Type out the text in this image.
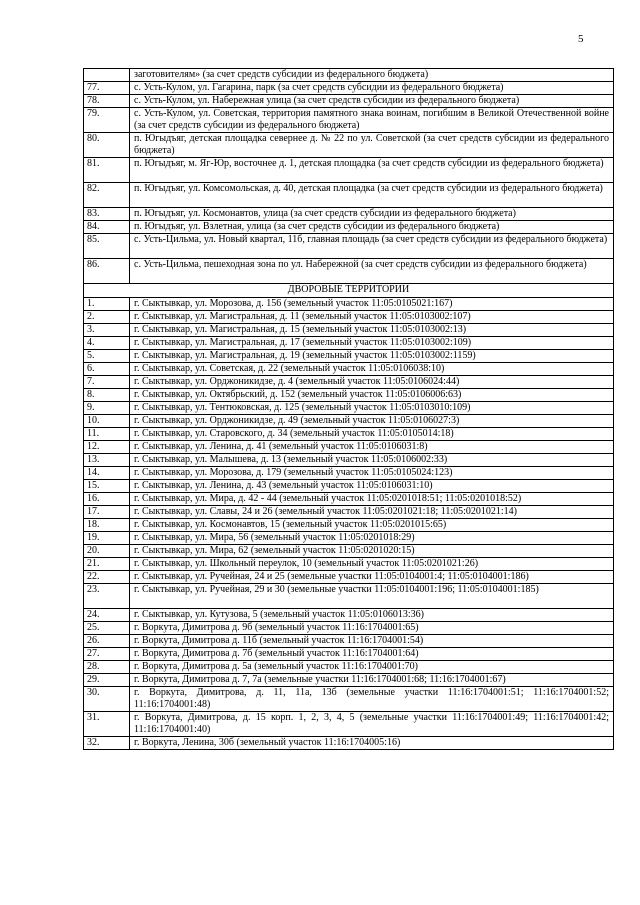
5
	заготовителям» (за счет средств субсидии из федерального бюджета)
77.	с. Усть-Кулом, ул. Гагарина, парк (за счет средств субсидии из федерального бюджета)
78.	с. Усть-Кулом, ул. Набережная улица (за счет средств субсидии из федерального бюджета)
79.	с. Усть-Кулом, ул. Советская, территория памятного знака воинам, погибшим в Великой Отечественной войне (за счет средств субсидии из федерального бюджета)
80.	п. Югыдъяг, детская площадка севернее д. № 22 по ул. Советской (за счет средств субсидии из федерального бюджета)
81.	п. Югыдъяг, м. Яг-Юр, восточнее д. 1, детская площадка (за счет средств субсидии из федерального бюджета)
82.	п. Югыдъяг, ул. Комсомольская, д. 40, детская площадка (за счет средств субсидии из федерального бюджета)
83.	п. Югыдъяг, ул. Космонавтов, улица (за счет средств субсидии из федерального бюджета)
84.	п. Югыдъяг, ул. Взлетная, улица (за счет средств субсидии из федерального бюджета)
85.	с. Усть-Цильма, ул. Новый квартал, 11б, главная площадь (за счет средств субсидии из федерального бюджета)
86.	с. Усть-Цильма, пешеходная зона по ул. Набережной (за счет средств субсидии из федерального бюджета)
ДВОРОВЫЕ ТЕРРИТОРИИ	
1.	г. Сыктывкар, ул. Морозова, д. 156 (земельный участок 11:05:0105021:167)
2.	г. Сыктывкар, ул. Магистральная, д. 11 (земельный участок 11:05:0103002:107)
3.	г. Сыктывкар, ул. Магистральная, д. 15 (земельный участок 11:05:0103002:13)
4.	г. Сыктывкар, ул. Магистральная, д. 17 (земельный участок 11:05:0103002:109)
5.	г. Сыктывкар, ул. Магистральная, д. 19 (земельный участок 11:05:0103002:1159)
6.	г. Сыктывкар, ул. Советская, д. 22 (земельный участок 11:05:0106038:10)
7.	г. Сыктывкар, ул. Орджоникидзе, д. 4 (земельный участок 11:05:0106024:44)
8.	г. Сыктывкар, ул. Октябрьский, д. 152 (земельный участок 11:05:0106006:63)
9.	г. Сыктывкар, ул. Тентюковская, д. 125 (земельный участок 11:05:0103010:109)
10.	г. Сыктывкар, ул. Орджоникидзе, д. 49 (земельный участок 11:05:0106027:3)
11.	г. Сыктывкар, ул. Старовского, д. 34 (земельный участок 11:05:0105014:18)
12.	г. Сыктывкар, ул. Ленина, д. 41 (земельный участок 11:05:0106031:8)
13.	г. Сыктывкар, ул. Малышева, д. 13 (земельный участок 11:05:0106002:33)
14.	г. Сыктывкар, ул. Морозова, д. 179 (земельный участок 11:05:0105024:123)
15.	г. Сыктывкар, ул. Ленина, д. 43 (земельный участок 11:05:0106031:10)
16.	г. Сыктывкар, ул. Мира, д. 42 - 44 (земельный участок 11:05:0201018:51; 11:05:0201018:52)
17.	г. Сыктывкар, ул. Славы, 24 и 26 (земельный участок 11:05:0201021:18; 11:05:0201021:14)
18.	г. Сыктывкар, ул. Космонавтов, 15 (земельный участок 11:05:0201015:65)
19.	г. Сыктывкар, ул. Мира, 56 (земельный участок 11:05:0201018:29)
20.	г. Сыктывкар, ул. Мира, 62 (земельный участок 11:05:0201020:15)
21.	г. Сыктывкар, ул. Школьный переулок, 10 (земельный участок 11:05:0201021:26)
22.	г. Сыктывкар, ул. Ручейная, 24 и 25 (земельные участки 11:05:0104001:4; 11:05:0104001:186)
23.	г. Сыктывкар, ул. Ручейная, 29 и 30 (земельные участки 11:05:0104001:196; 11:05:0104001:185)
24.	г. Сыктывкар, ул. Кутузова, 5 (земельный участок 11:05:0106013:36)
25.	г. Воркута, Димитрова д. 9б (земельный участок 11:16:1704001:65)
26.	г. Воркута, Димитрова д. 11б (земельный участок 11:16:1704001:54)
27.	г. Воркута, Димитрова д. 7б (земельный участок 11:16:1704001:64)
28.	г. Воркута, Димитрова д. 5а (земельный участок 11:16:1704001:70)
29.	г. Воркута, Димитрова д. 7, 7а (земельные участки 11:16:1704001:68; 11:16:1704001:67)
30.	г. Воркута, Димитрова, д. 11, 11а, 13б (земельные участки 11:16:1704001:51; 11:16:1704001:52; 11:16:1704001:48)
31.	г. Воркута, Димитрова, д. 15 корп. 1, 2, 3, 4, 5 (земельные участки 11:16:1704001:49; 11:16:1704001:42; 11:16:1704001:40)
32.	г. Воркута, Ленина, 30б (земельный участок 11:16:1704005:16)
